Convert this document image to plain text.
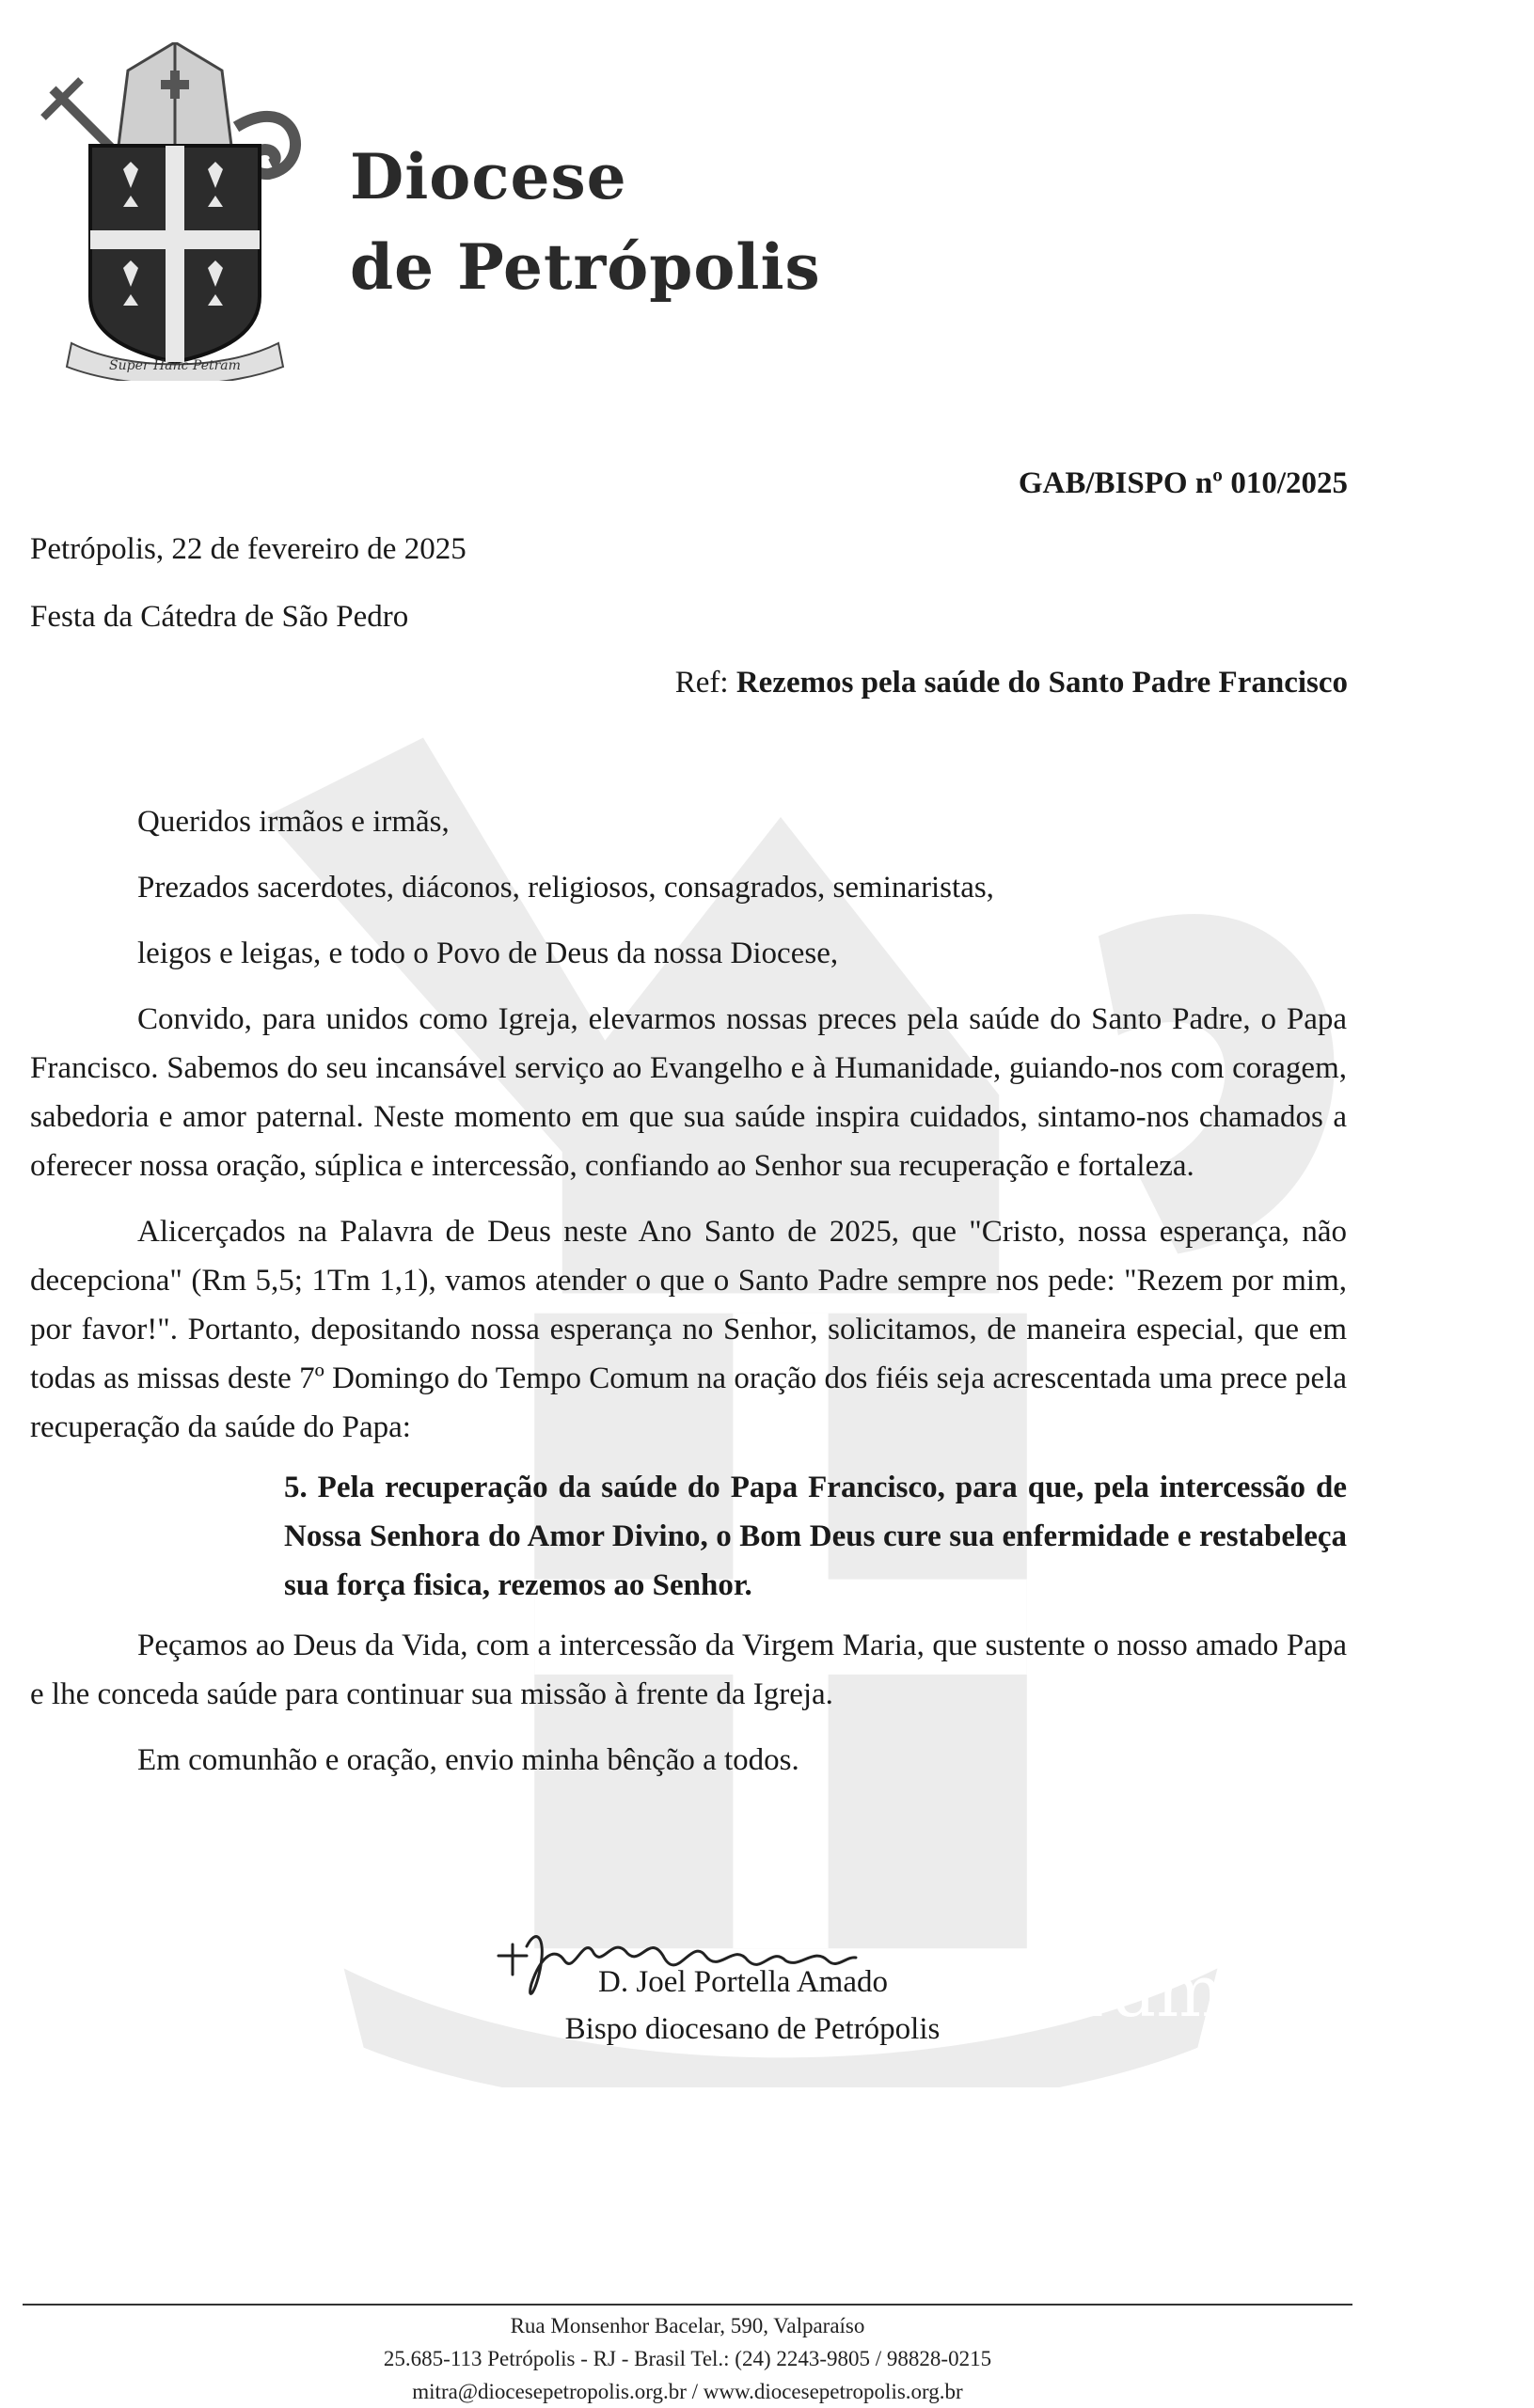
Petram
Super Hanc Petram
Diocese
de Petrópolis
GAB/BISPO nº 010/2025
Petrópolis, 22 de fevereiro de 2025
Festa da Cátedra de São Pedro
Ref: Rezemos pela saúde do Santo Padre Francisco

Queridos irmãos e irmãs,

Prezados sacerdotes, diáconos, religiosos, consagrados, seminaristas,

leigos e leigas, e todo o Povo de Deus da nossa Diocese,

Convido, para unidos como Igreja, elevarmos nossas preces pela saúde do Santo Padre, o Papa Francisco. Sabemos do seu incansável serviço ao Evangelho e à Humanidade, guiando-nos com coragem, sabedoria e amor paternal. Neste momento em que sua saúde inspira cuidados, sintamo-nos chamados a oferecer nossa oração, súplica e intercessão, confiando ao Senhor sua recuperação e fortaleza.

Alicerçados na Palavra de Deus neste Ano Santo de 2025, que "Cristo, nossa esperança, não decepciona" (Rm 5,5; 1Tm 1,1), vamos atender o que o Santo Padre sempre nos pede: "Rezem por mim, por favor!". Portanto, depositando nossa esperança no Senhor, solicitamos, de maneira especial, que em todas as missas deste 7º Domingo do Tempo Comum na oração dos fiéis seja acrescentada uma prece pela recuperação da saúde do Papa:

5. Pela recuperação da saúde do Papa Francisco, para que, pela intercessão de Nossa Senhora do Amor Divino, o Bom Deus cure sua enfermidade e restabeleça sua força fisica, rezemos ao Senhor.

Peçamos ao Deus da Vida, com a intercessão da Virgem Maria, que sustente o nosso amado Papa e lhe conceda saúde para continuar sua missão à frente da Igreja.

Em comunhão e oração, envio minha bênção a todos.

D. Joel Portella Amado
Bispo diocesano de Petrópolis
Rua Monsenhor Bacelar, 590, Valparaíso
25.685-113 Petrópolis - RJ - Brasil Tel.: (24) 2243-9805 / 98828-0215
mitra@diocesepetropolis.org.br / www.diocesepetropolis.org.br
